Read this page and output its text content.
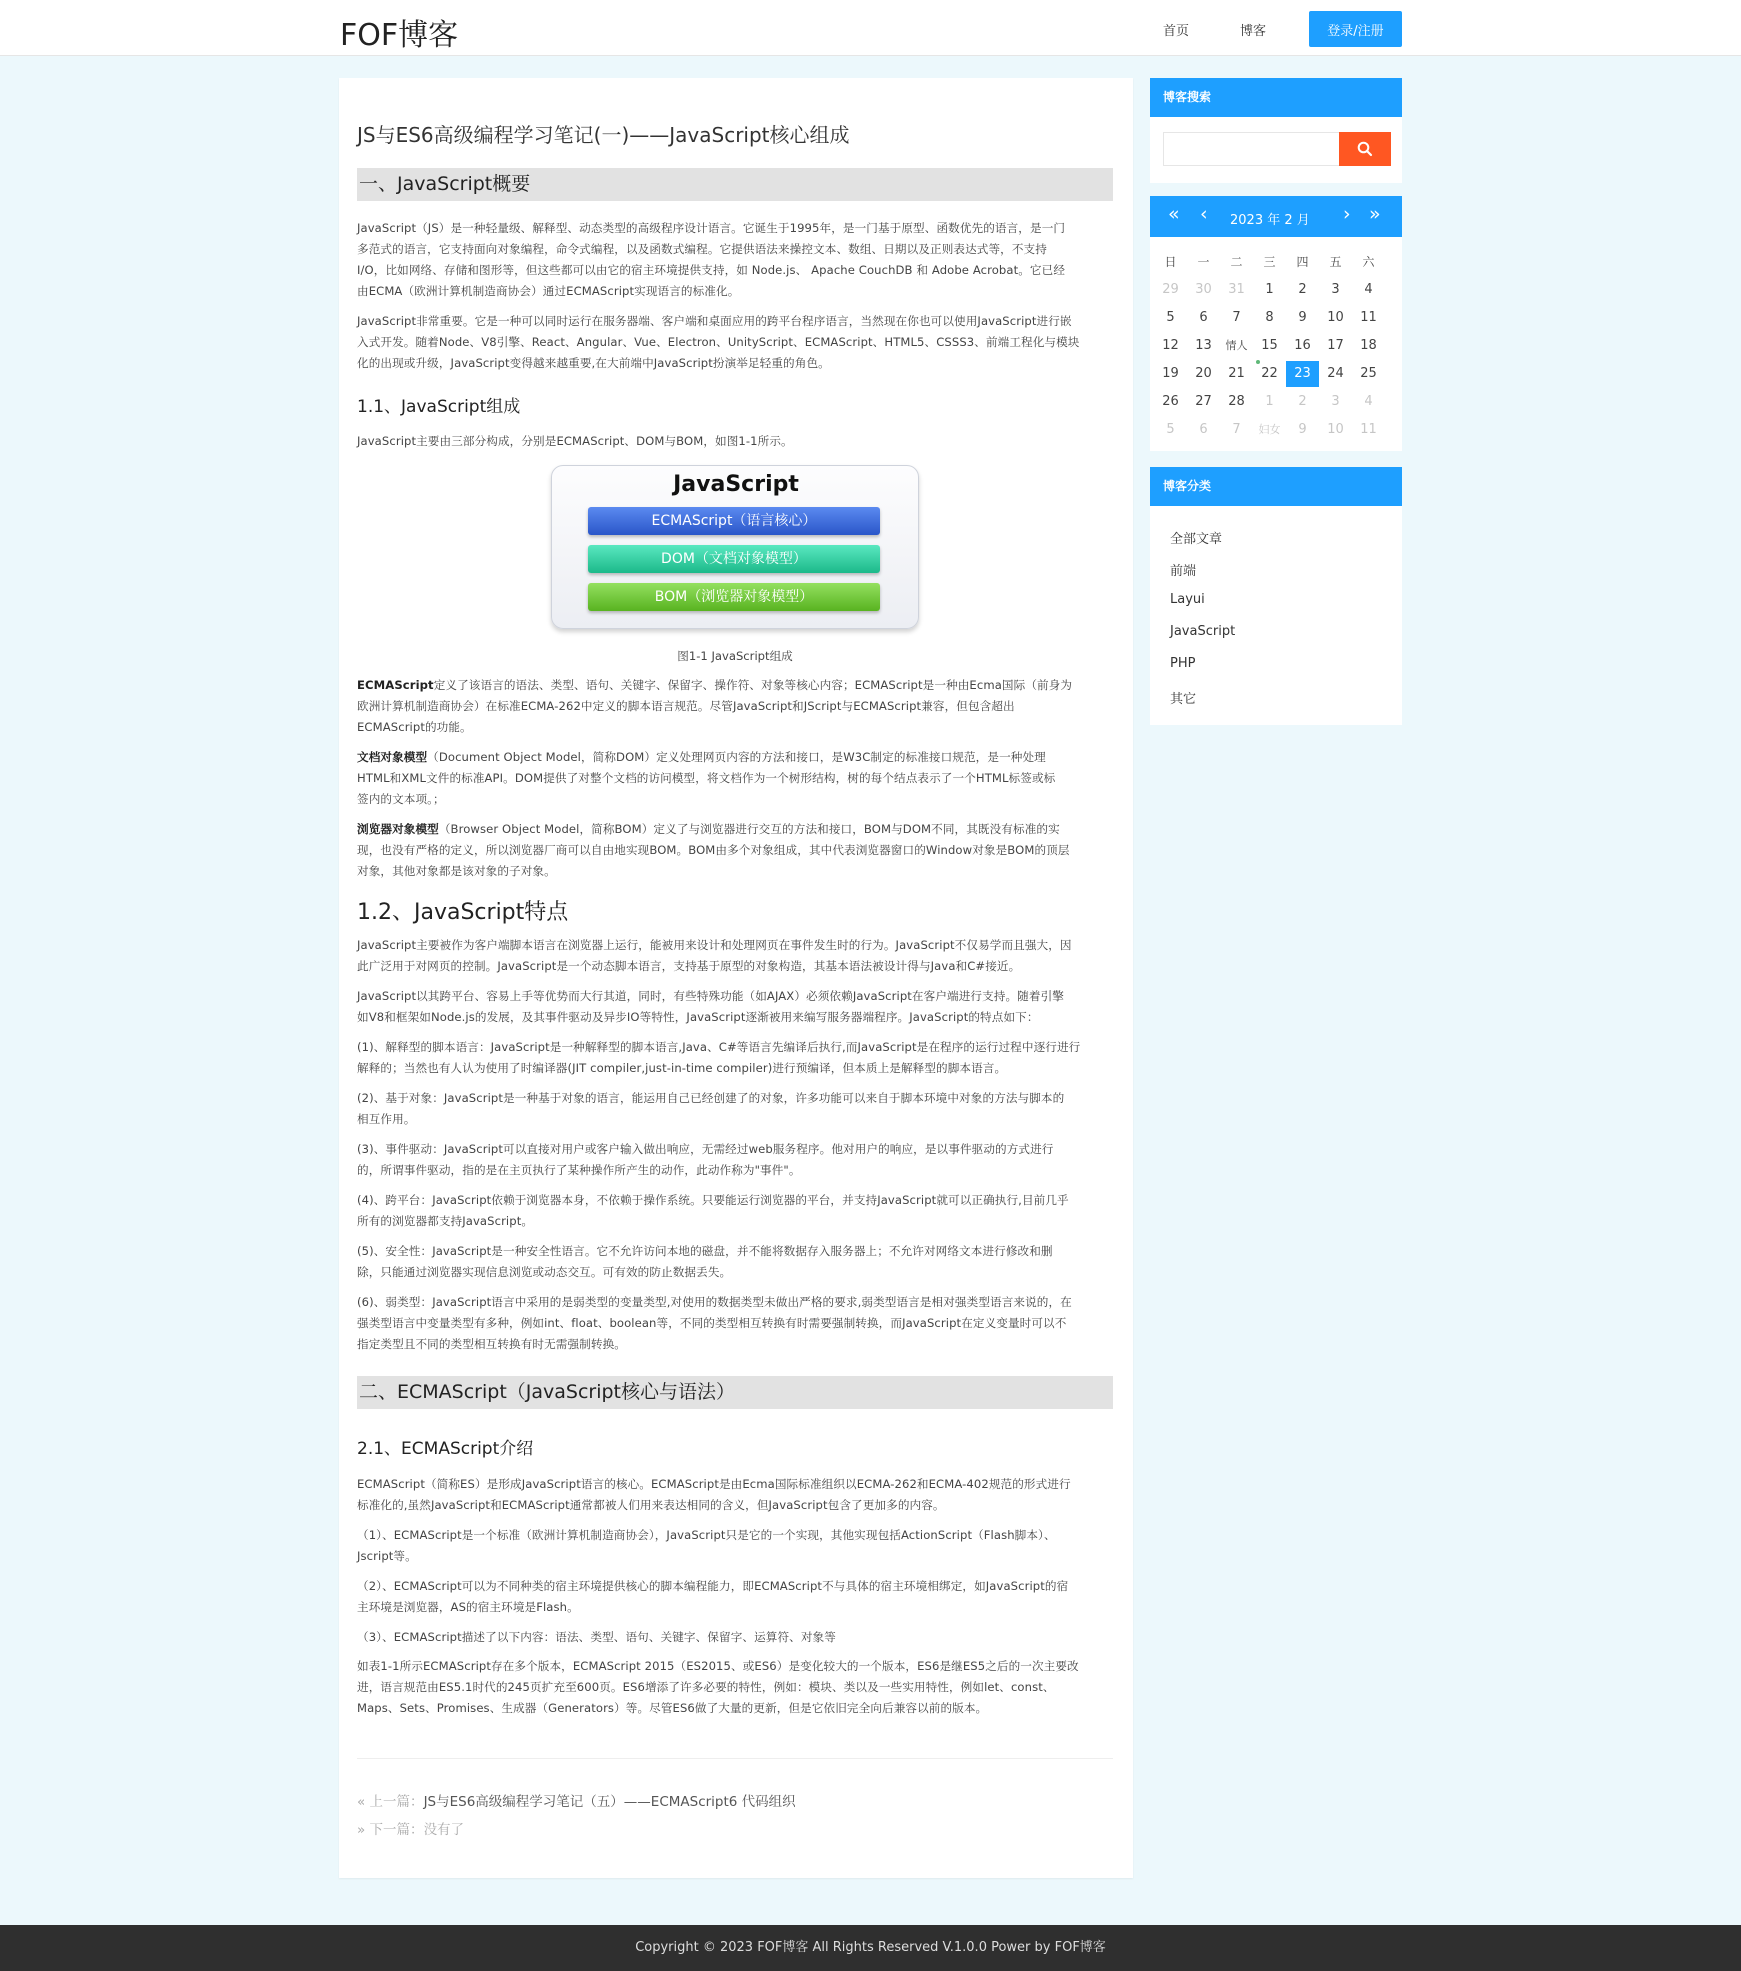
FOF博客	首页	博客	登录/注册
JS与ES6高级编程学习笔记(一)——JavaScript核心组成
一、JavaScript概要
JavaScript（JS）是一种轻量级、解释型、动态类型的高级程序设计语言。它诞生于1995年，是一门基于原型、函数优先的语言，是一门
多范式的语言，它支持面向对象编程，命令式编程，以及函数式编程。它提供语法来操控文本、数组、日期以及正则表达式等，不支持
I/O，比如网络、存储和图形等，但这些都可以由它的宿主环境提供支持，如 Node.js、 Apache CouchDB 和 Adobe Acrobat。它已经
由ECMA（欧洲计算机制造商协会）通过ECMAScript实现语言的标准化。
JavaScript非常重要。它是一种可以同时运行在服务器端、客户端和桌面应用的跨平台程序语言，当然现在你也可以使用JavaScript进行嵌
入式开发。随着Node、V8引擎、React、Angular、Vue、Electron、UnityScript、ECMAScript、HTML5、CSSS3、前端工程化与模块
化的出现或升级，JavaScript变得越来越重要,在大前端中JavaScript扮演举足轻重的角色。
1.1、JavaScript组成
JavaScript主要由三部分构成，分别是ECMAScript、DOM与BOM，如图1-1所示。
JavaScript
ECMAScript（语言核心）
DOM（文档对象模型）
BOM（浏览器对象模型）
图1-1 JavaScript组成
ECMAScript定义了该语言的语法、类型、语句、关键字、保留字、操作符、对象等核心内容；ECMAScript是一种由Ecma国际（前身为
欧洲计算机制造商协会）在标准ECMA-262中定义的脚本语言规范。尽管JavaScript和JScript与ECMAScript兼容，但包含超出
ECMAScript的功能。
文档对象模型（Document Object Model，简称DOM）定义处理网页内容的方法和接口，是W3C制定的标准接口规范，是一种处理
HTML和XML文件的标准API。DOM提供了对整个文档的访问模型，将文档作为一个树形结构，树的每个结点表示了一个HTML标签或标
签内的文本项。；
浏览器对象模型（Browser Object Model，简称BOM）定义了与浏览器进行交互的方法和接口，BOM与DOM不同，其既没有标准的实
现，也没有严格的定义，所以浏览器厂商可以自由地实现BOM。BOM由多个对象组成，其中代表浏览器窗口的Window对象是BOM的顶层
对象，其他对象都是该对象的子对象。
1.2、JavaScript特点
JavaScript主要被作为客户端脚本语言在浏览器上运行，能被用来设计和处理网页在事件发生时的行为。JavaScript不仅易学而且强大，因
此广泛用于对网页的控制。JavaScript是一个动态脚本语言，支持基于原型的对象构造，其基本语法被设计得与Java和C#接近。
JavaScript以其跨平台、容易上手等优势而大行其道，同时，有些特殊功能（如AJAX）必须依赖JavaScript在客户端进行支持。随着引擎
如V8和框架如Node.js的发展，及其事件驱动及异步IO等特性，JavaScript逐渐被用来编写服务器端程序。JavaScript的特点如下：
(1)、解释型的脚本语言：JavaScript是一种解释型的脚本语言,Java、C#等语言先编译后执行,而JavaScript是在程序的运行过程中逐行进行
解释的；当然也有人认为使用了时编译器(JIT compiler,just-in-time compiler)进行预编译，但本质上是解释型的脚本语言。
(2)、基于对象：JavaScript是一种基于对象的语言，能运用自己已经创建了的对象，许多功能可以来自于脚本环境中对象的方法与脚本的
相互作用。
(3)、事件驱动：JavaScript可以直接对用户或客户输入做出响应，无需经过web服务程序。他对用户的响应，是以事件驱动的方式进行
的，所谓事件驱动，指的是在主页执行了某种操作所产生的动作，此动作称为"事件"。
(4)、跨平台：JavaScript依赖于浏览器本身，不依赖于操作系统。只要能运行浏览器的平台，并支持JavaScript就可以正确执行,目前几乎
所有的浏览器都支持JavaScript。
(5)、安全性：JavaScript是一种安全性语言。它不允许访问本地的磁盘，并不能将数据存入服务器上；不允许对网络文本进行修改和删
除，只能通过浏览器实现信息浏览或动态交互。可有效的防止数据丢失。
(6)、弱类型：JavaScript语言中采用的是弱类型的变量类型,对使用的数据类型未做出严格的要求,弱类型语言是相对强类型语言来说的，在
强类型语言中变量类型有多种，例如int、float、boolean等，不同的类型相互转换有时需要强制转换，而JavaScript在定义变量时可以不
指定类型且不同的类型相互转换有时无需强制转换。
二、ECMAScript（JavaScript核心与语法）
2.1、ECMAScript介绍
ECMAScript（简称ES）是形成JavaScript语言的核心。ECMAScript是由Ecma国际标准组织以ECMA-262和ECMA-402规范的形式进行
标准化的,虽然JavaScript和ECMAScript通常都被人们用来表达相同的含义，但JavaScript包含了更加多的内容。
（1）、ECMAScript是一个标准（欧洲计算机制造商协会），JavaScript只是它的一个实现，其他实现包括ActionScript（Flash脚本）、
Jscript等。
（2）、ECMAScript可以为不同种类的宿主环境提供核心的脚本编程能力，即ECMAScript不与具体的宿主环境相绑定，如JavaScript的宿
主环境是浏览器，AS的宿主环境是Flash。
（3）、ECMAScript描述了以下内容：语法、类型、语句、关键字、保留字、运算符、对象等
如表1-1所示ECMAScript存在多个版本，ECMAScript 2015（ES2015、或ES6）是变化较大的一个版本，ES6是继ES5之后的一次主要改
进，语言规范由ES5.1时代的245页扩充至600页。ES6增添了许多必要的特性，例如：模块、类以及一些实用特性，例如let、const、
Maps、Sets、Promises、生成器（Generators）等。尽管ES6做了大量的更新，但是它依旧完全向后兼容以前的版本。
« 上一篇：JS与ES6高级编程学习笔记（五）——ECMAScript6 代码组织
» 下一篇：没有了
博客搜索
« ‹ 2023 年 2 月 › »
日	一	二	三	四	五	六
29	30	31	1	2	3	4
5	6	7	8	9	10	11
12	13	情人	15	16	17	18
19	20	21	22	23	24	25
26	27	28	1	2	3	4
5	6	7	妇女	9	10	11
博客分类
全部文章
前端
Layui
JavaScript
PHP
其它
Copyright © 2023 FOF博客 All Rights Reserved V.1.0.0 Power by FOF博客
